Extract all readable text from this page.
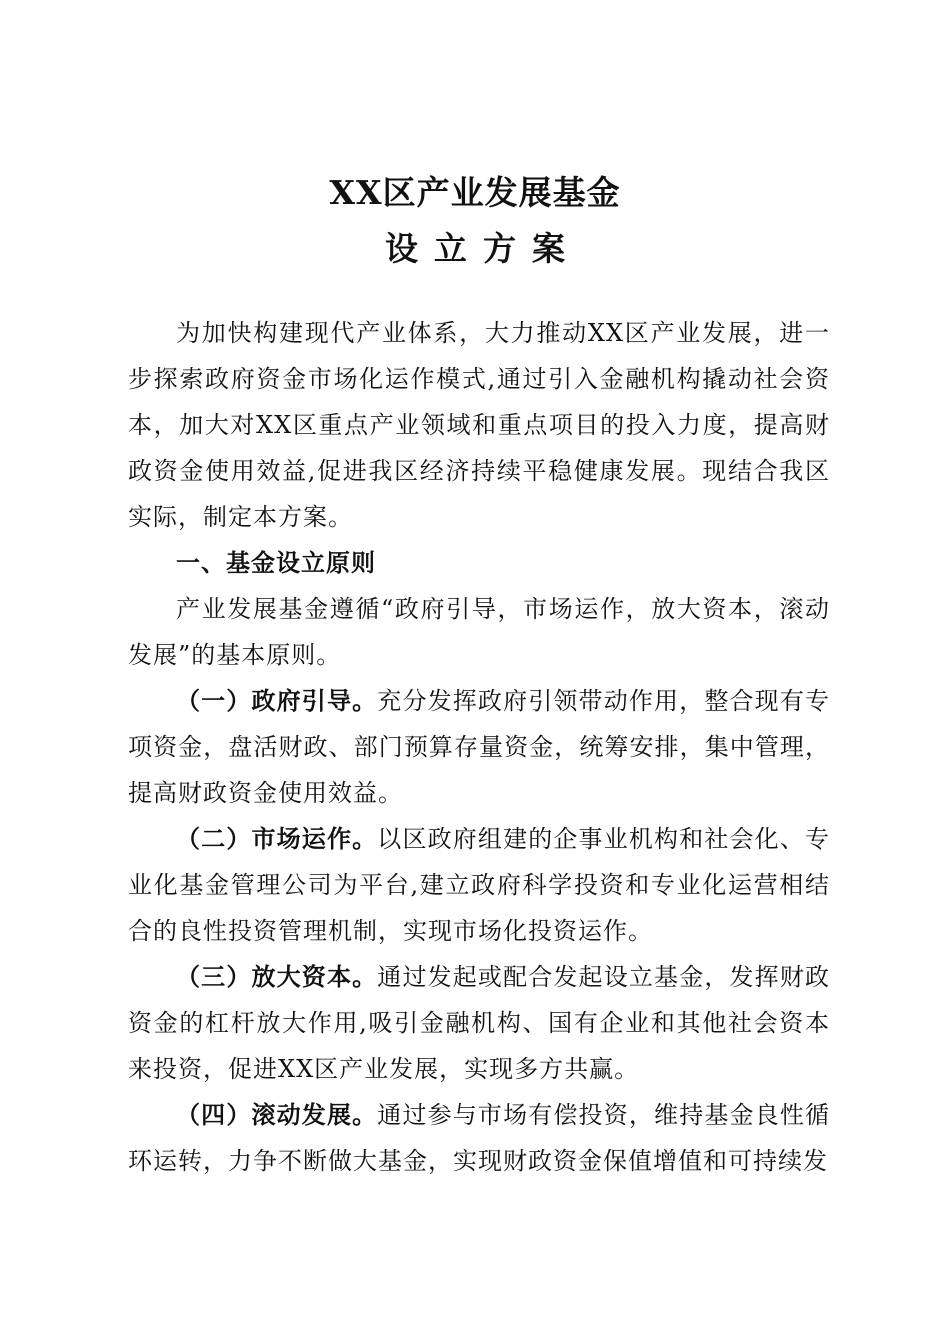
XX区产业发展基金
设立方案

为加快构建现代产业体系，大力推动XX区产业发展，进一步探索政府资金市场化运作模式,通过引入金融机构撬动社会资本，加大对XX区重点产业领域和重点项目的投入力度，提高财政资金使用效益,促进我区经济持续平稳健康发展。现结合我区实际，制定本方案。

一、基金设立原则

产业发展基金遵循“政府引导，市场运作，放大资本，滚动发展”的基本原则。

（一）政府引导。充分发挥政府引领带动作用，整合现有专项资金，盘活财政、部门预算存量资金，统筹安排，集中管理，提高财政资金使用效益。

（二）市场运作。以区政府组建的企事业机构和社会化、专业化基金管理公司为平台,建立政府科学投资和专业化运营相结合的良性投资管理机制，实现市场化投资运作。

（三）放大资本。通过发起或配合发起设立基金，发挥财政资金的杠杆放大作用,吸引金融机构、国有企业和其他社会资本来投资，促进XX区产业发展，实现多方共赢。

（四）滚动发展。通过参与市场有偿投资，维持基金良性循环运转，力争不断做大基金，实现财政资金保值增值和可持续发
